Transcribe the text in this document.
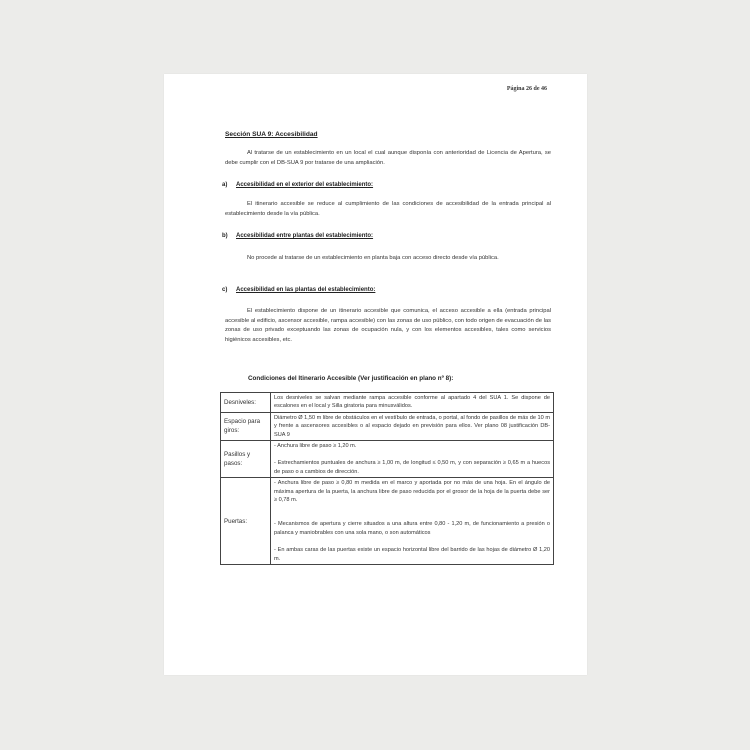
Página 26 de 46
Sección SUA 9: Accesibilidad
Al tratarse de un establecimiento en un local el cual aunque disponía con anterioridad de Licencia de Apertura, se debe cumplir con el DB-SUA 9 por tratarse de una ampliación.
a) Accesibilidad en el exterior del establecimiento:
El itinerario accesible se reduce al cumplimiento de las condiciones de accesibilidad de la entrada principal al establecimiento desde la vía pública.
b) Accesibilidad entre plantas del establecimiento:
No procede al tratarse de un establecimiento en planta baja con acceso directo desde vía pública.
c) Accesibilidad en las plantas del establecimiento:
El establecimiento dispone de un itinerario accesible que comunica, el acceso accesible a ella (entrada principal accesible al edificio, ascensor accesible, rampa accesible) con las zonas de uso público, con todo origen de evacuación de las zonas de uso privado exceptuando las zonas de ocupación nula, y con los elementos accesibles, tales como servicios higiénicos accesibles, etc.
Condiciones del Itinerario Accesible (Ver justificación en plano nº 8):
Desniveles:	Los desniveles se salvan mediante rampa accesible conforme al apartado 4 del SUA 1. Se dispone de escalones en el local y Silla giratoria para minusválidos.

Espacio para giros:	Diámetro Ø 1,50 m libre de obstáculos en el vestíbulo de entrada, o portal, al fondo de pasillos de más de 10 m y frente a ascensores accesibles o al espacio dejado en previsión para ellos. Ver plano 08 justificación DB-SUA 9

Pasillos y pasos:	- Anchura libre de paso ≥ 1,20 m.

- Estrechamientos puntuales de anchura ≥ 1,00 m, de longitud ≤ 0,50 m, y con separación ≥ 0,65 m a huecos de paso o a cambios de dirección.

Puertas:	- Anchura libre de paso ≥ 0,80 m medida en el marco y aportada por no más de una hoja. En el ángulo de máxima apertura de la puerta, la anchura libre de paso reducida por el grosor de la hoja de la puerta debe ser ≥ 0,78 m.

- Mecanismos de apertura y cierre situados a una altura entre 0,80 - 1,20 m, de funcionamiento a presión o palanca y maniobrables con una sola mano, o son automáticos

- En ambas caras de las puertas existe un espacio horizontal libre del barrido de las hojas de diámetro Ø 1,20 m.
